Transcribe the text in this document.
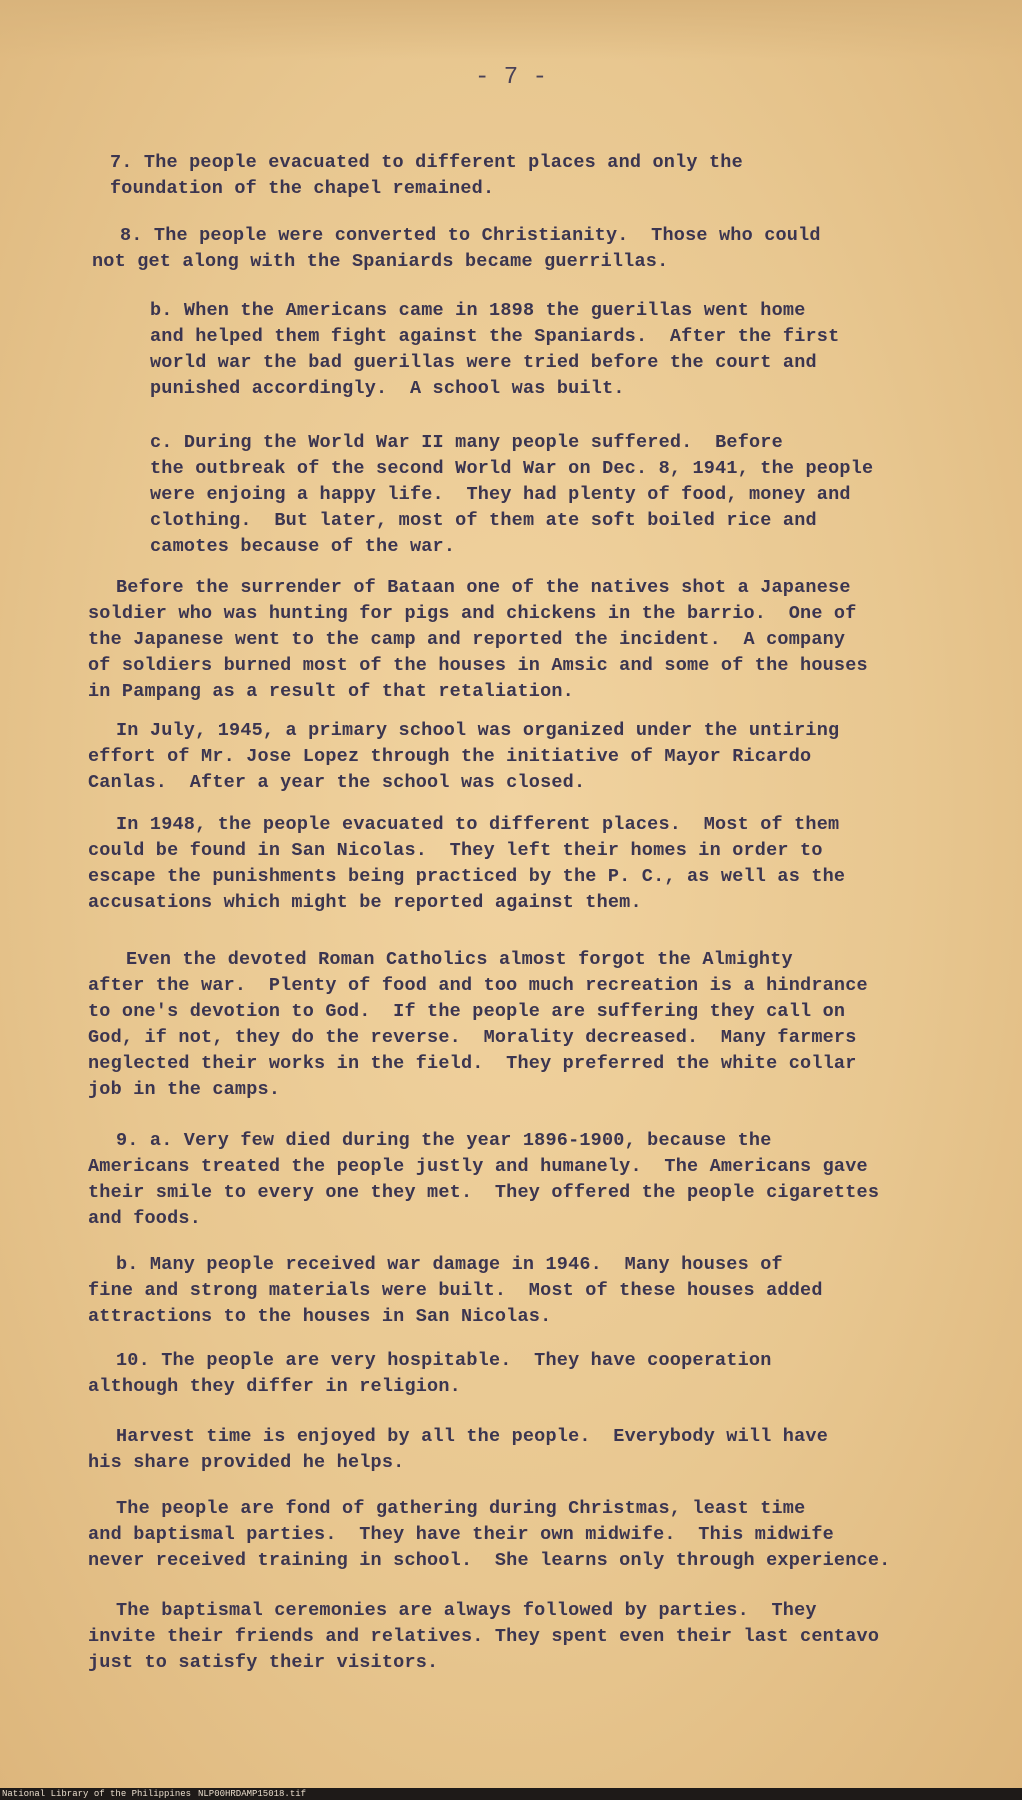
- 7 -
7. The people evacuated to different places and only the
foundation of the chapel remained.
8. The people were converted to Christianity.  Those who could
not get along with the Spaniards became guerrillas.
b. When the Americans came in 1898 the guerillas went home
and helped them fight against the Spaniards.  After the first
world war the bad guerillas were tried before the court and
punished accordingly.  A school was built.
c. During the World War II many people suffered.  Before
the outbreak of the second World War on Dec. 8, 1941, the people
were enjoing a happy life.  They had plenty of food, money and
clothing.  But later, most of them ate soft boiled rice and
camotes because of the war.
Before the surrender of Bataan one of the natives shot a Japanese
soldier who was hunting for pigs and chickens in the barrio.  One of
the Japanese went to the camp and reported the incident.  A company
of soldiers burned most of the houses in Amsic and some of the houses
in Pampang as a result of that retaliation.
In July, 1945, a primary school was organized under the untiring
effort of Mr. Jose Lopez through the initiative of Mayor Ricardo
Canlas.  After a year the school was closed.
In 1948, the people evacuated to different places.  Most of them
could be found in San Nicolas.  They left their homes in order to
escape the punishments being practiced by the P. C., as well as the
accusations which might be reported against them.
Even the devoted Roman Catholics almost forgot the Almighty
after the war.  Plenty of food and too much recreation is a hindrance
to one's devotion to God.  If the people are suffering they call on
God, if not, they do the reverse.  Morality decreased.  Many farmers
neglected their works in the field.  They preferred the white collar
job in the camps.
9. a. Very few died during the year 1896-1900, because the
Americans treated the people justly and humanely.  The Americans gave
their smile to every one they met.  They offered the people cigarettes
and foods.
b. Many people received war damage in 1946.  Many houses of
fine and strong materials were built.  Most of these houses added
attractions to the houses in San Nicolas.
10. The people are very hospitable.  They have cooperation
although they differ in religion.
Harvest time is enjoyed by all the people.  Everybody will have
his share provided he helps.
The people are fond of gathering during Christmas, least time
and baptismal parties.  They have their own midwife.  This midwife
never received training in school.  She learns only through experience.
The baptismal ceremonies are always followed by parties.  They
invite their friends and relatives. They spent even their last centavo
just to satisfy their visitors.
National Library of the Philippines NLP00HRDAMP15018.tif
